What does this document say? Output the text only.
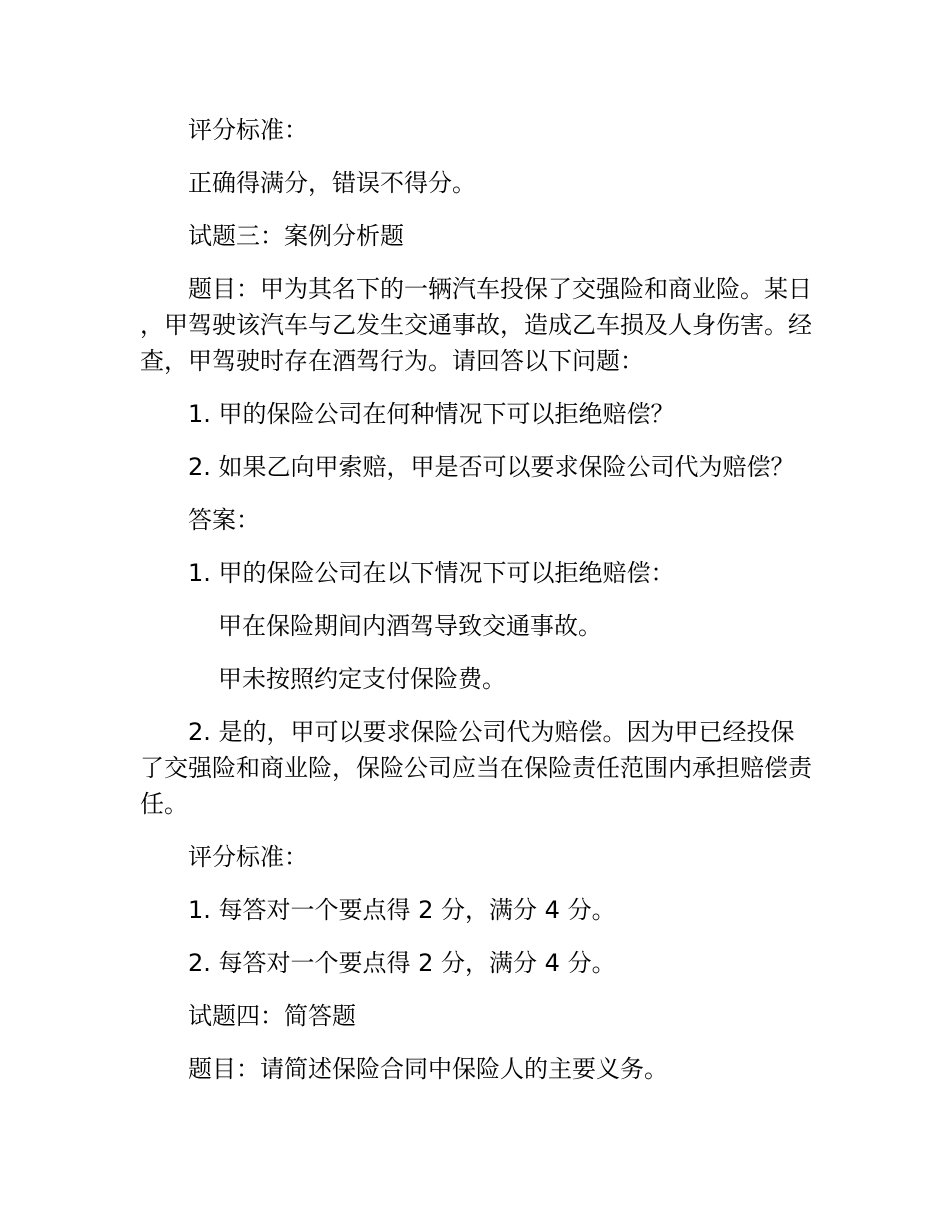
评分标准：

正确得满分，错误不得分。

试题三：案例分析题

题目：甲为其名下的一辆汽车投保了交强险和商业险。某日，甲驾驶该汽车与乙发生交通事故，造成乙车损及人身伤害。经查，甲驾驶时存在酒驾行为。请回答以下问题：

1. 甲的保险公司在何种情况下可以拒绝赔偿？

2. 如果乙向甲索赔，甲是否可以要求保险公司代为赔偿？

答案：

1. 甲的保险公司在以下情况下可以拒绝赔偿：

甲在保险期间内酒驾导致交通事故。

甲未按照约定支付保险费。

2. 是的，甲可以要求保险公司代为赔偿。因为甲已经投保了交强险和商业险，保险公司应当在保险责任范围内承担赔偿责任。

评分标准：

1. 每答对一个要点得 2 分，满分 4 分。

2. 每答对一个要点得 2 分，满分 4 分。

试题四：简答题

题目：请简述保险合同中保险人的主要义务。
